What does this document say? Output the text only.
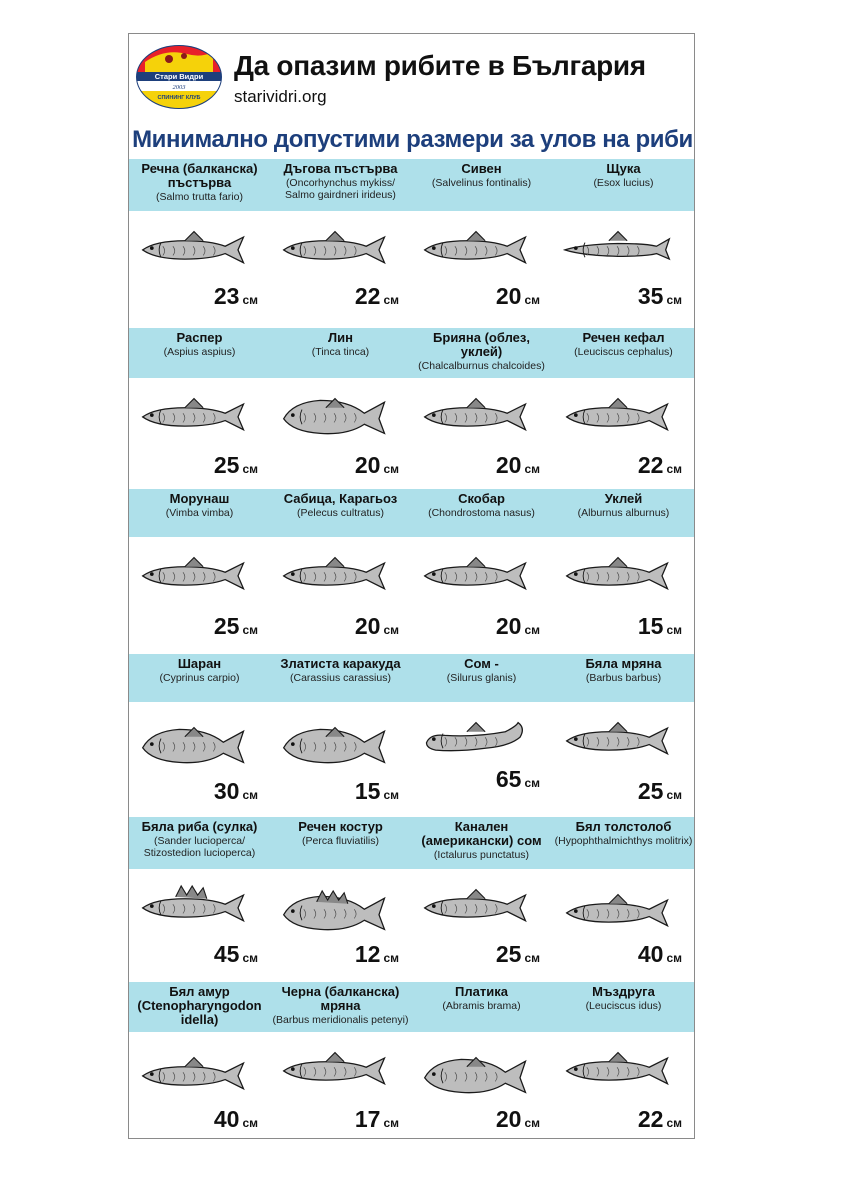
Стари Видри
2003
СПИНИНГ КЛУБ
Да опазим рибите в България
starividri.org
Минимално допустими размери за улов на риби
Речна (балканска) пъстърва
(Salmo trutta fario)
23 см
Дъгова пъстърва
(Oncorhynchus mykiss/ Salmo gairdneri irideus)
22 см
Сивен
(Salvelinus fontinalis)
20 см
Щука
(Esox lucius)
35 см
Распер
(Aspius aspius)
25 см
Лин
(Tinca tinca)
20 см
Брияна (облез, уклей)
(Chalcalburnus chalcoides)
20 см
Речен кефал
(Leuciscus cephalus)
22 см
Морунаш
(Vimba vimba)
25 см
Сабица, Карагьоз
(Pelecus cultratus)
20 см
Скобар
(Chondrostoma nasus)
20 см
Уклей
(Alburnus alburnus)
15 см
Шаран
(Cyprinus carpio)
30 см
Златиста каракуда
(Carassius carassius)
15 см
Сом -
(Silurus glanis)
65 см
Бяла мряна
(Barbus barbus)
25 см
Бяла риба (сулка)
(Sander lucioperca/ Stizostedion lucioperca)
45 см
Речен костур
(Perca fluviatilis)
12 см
Канален (американски) сом
(Ictalurus punctatus)
25 см
Бял толстолоб
(Hypophthalmichthys molitrix)
40 см
Бял амур (Ctenopharyngodon idella)
40 см
Черна (балканска) мряна
(Barbus meridionalis petenyi)
17 см
Платика
(Abramis brama)
20 см
Мъздруга
(Leuciscus idus)
22 см
